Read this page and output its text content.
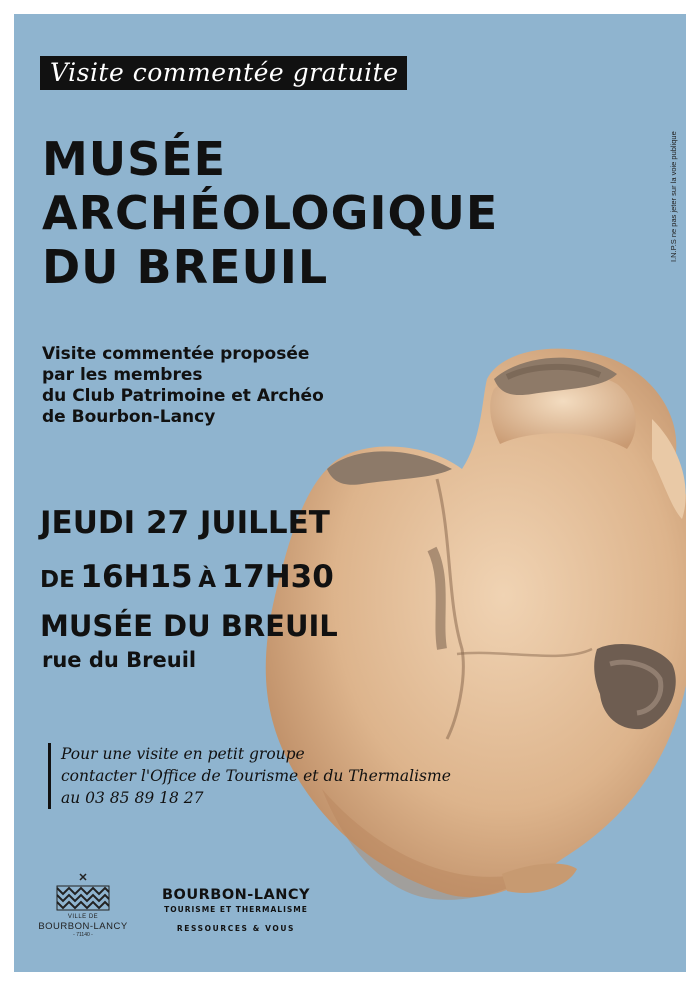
Visite commentée gratuite
MUSÉE
ARCHÉOLOGIQUE
DU BREUIL
Visite commentée proposée
par les membres
du Club Patrimoine et Archéo
de Bourbon-Lancy
JEUDI 27 JUILLET
DE 16H15 À 17H30
MUSÉE DU BREUIL
rue du Breuil
Pour une visite en petit groupe
contacter l'Office de Tourisme et du Thermalisme
au 03 85 89 18 27
I.N.P.S ne pas jeter sur la voie publique
VILLE DE
BOURBON-LANCY
- 71140 -
BOURBON-LANCY
TOURISME ET THERMALISME
RESSOURCES & VOUS
